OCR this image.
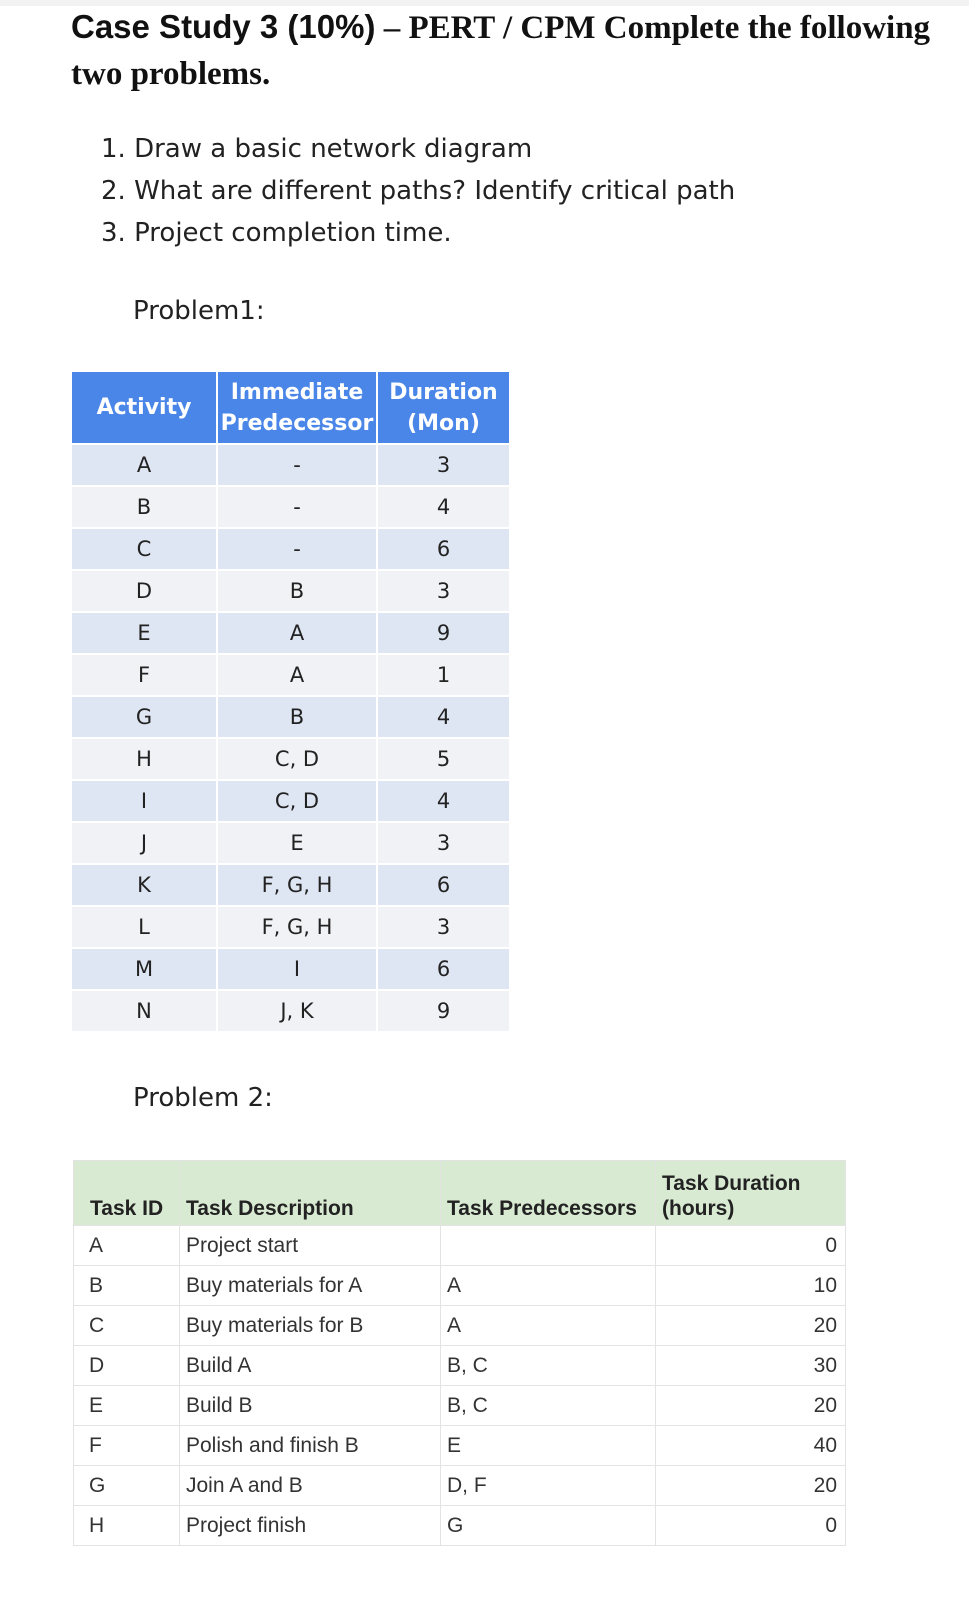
Case Study 3 (10%) – PERT / CPM Complete the following two problems.
1. Draw a basic network diagram
2. What are different paths? Identify critical path
3. Project completion time.
Problem1:
Activity	Immediate Predecessor	Duration (Mon)
A	-	3
B	-	4
C	-	6
D	B	3
E	A	9
F	A	1
G	B	4
H	C, D	5
I	C, D	4
J	E	3
K	F, G, H	6
L	F, G, H	3
M	I	6
N	J, K	9
Problem 2:
Task ID	Task Description	Task Predecessors	Task Duration (hours)
A	Project start		0
B	Buy materials for A	A	10
C	Buy materials for B	A	20
D	Build A	B, C	30
E	Build B	B, C	20
F	Polish and finish B	E	40
G	Join A and B	D, F	20
H	Project finish	G	0
